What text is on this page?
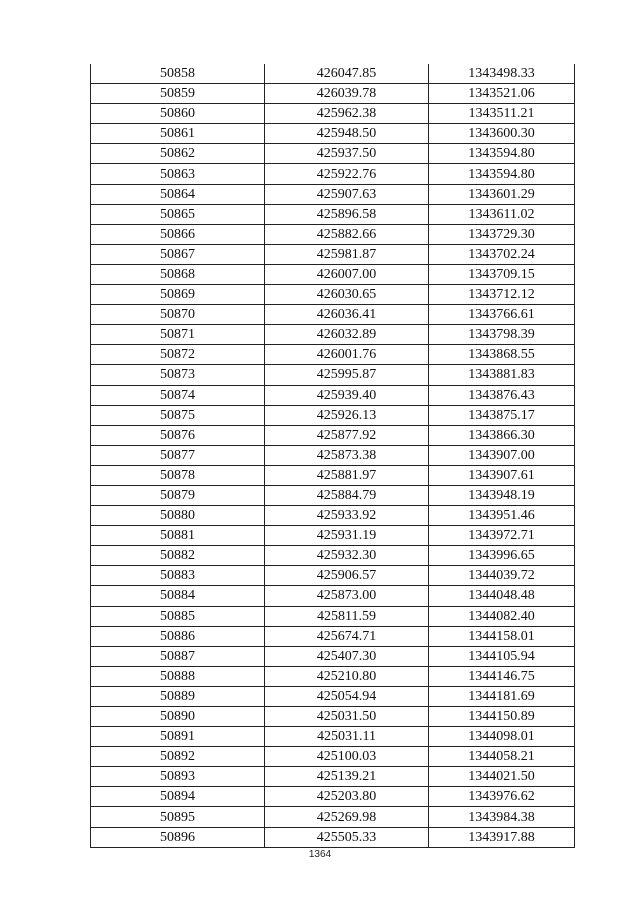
50858	426047.85	1343498.33
50859	426039.78	1343521.06
50860	425962.38	1343511.21
50861	425948.50	1343600.30
50862	425937.50	1343594.80
50863	425922.76	1343594.80
50864	425907.63	1343601.29
50865	425896.58	1343611.02
50866	425882.66	1343729.30
50867	425981.87	1343702.24
50868	426007.00	1343709.15
50869	426030.65	1343712.12
50870	426036.41	1343766.61
50871	426032.89	1343798.39
50872	426001.76	1343868.55
50873	425995.87	1343881.83
50874	425939.40	1343876.43
50875	425926.13	1343875.17
50876	425877.92	1343866.30
50877	425873.38	1343907.00
50878	425881.97	1343907.61
50879	425884.79	1343948.19
50880	425933.92	1343951.46
50881	425931.19	1343972.71
50882	425932.30	1343996.65
50883	425906.57	1344039.72
50884	425873.00	1344048.48
50885	425811.59	1344082.40
50886	425674.71	1344158.01
50887	425407.30	1344105.94
50888	425210.80	1344146.75
50889	425054.94	1344181.69
50890	425031.50	1344150.89
50891	425031.11	1344098.01
50892	425100.03	1344058.21
50893	425139.21	1344021.50
50894	425203.80	1343976.62
50895	425269.98	1343984.38
50896	425505.33	1343917.88
1364
